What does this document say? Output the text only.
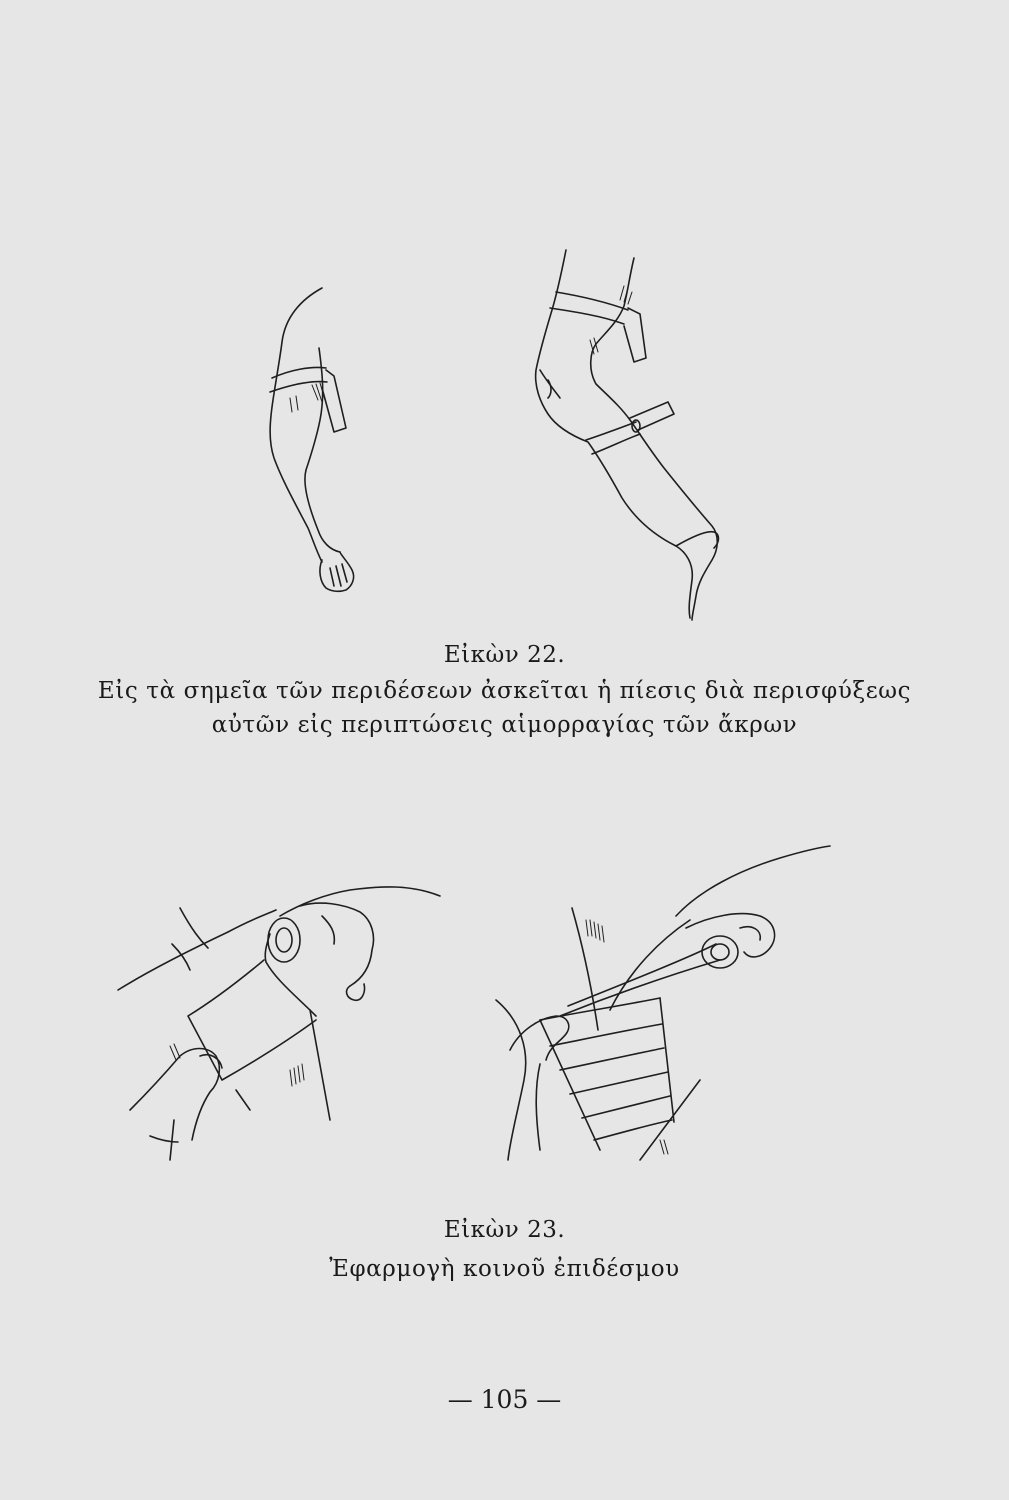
Εἰκὼν 22.
Εἰς τὰ σημεῖα τῶν περιδέσεων ἀσκεῖται ἡ πίεσις διὰ περισφύξεως
αὐτῶν εἰς περιπτώσεις αἱμορραγίας τῶν ἄκρων
Εἰκὼν 23.
Ἐφαρμογὴ κοινοῦ ἐπιδέσμου
— 105 —
